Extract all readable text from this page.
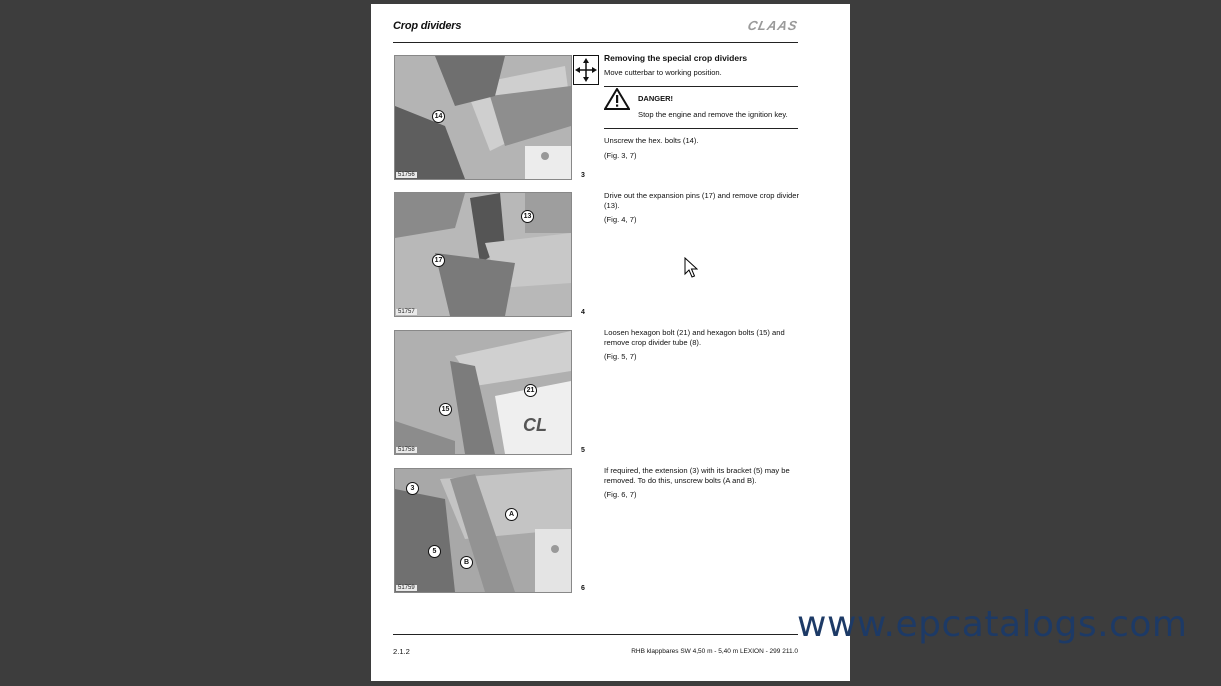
Crop dividers	CLAAS
14
51756	3
13
17
51757	4
CL
21
15
51758	5
3
A
5
B
51759	6
Removing the special crop dividers
Move cutterbar to working position.
DANGER!
Stop the engine and remove the ignition key.
Unscrew the hex. bolts (14).
(Fig. 3, 7)
Drive out the expansion pins (17) and remove crop divider (13).
(Fig. 4, 7)
Loosen hexagon bolt (21) and hexagon bolts (15) and remove crop divider tube (8).
(Fig. 5, 7)
If required, the extension (3) with its bracket (5) may be removed. To do this, unscrew bolts (A and B).
(Fig. 6, 7)
2.1.2	RHB klappbares SW 4,50 m - 5,40 m LEXION - 299 211.0
www.epcatalogs.com
